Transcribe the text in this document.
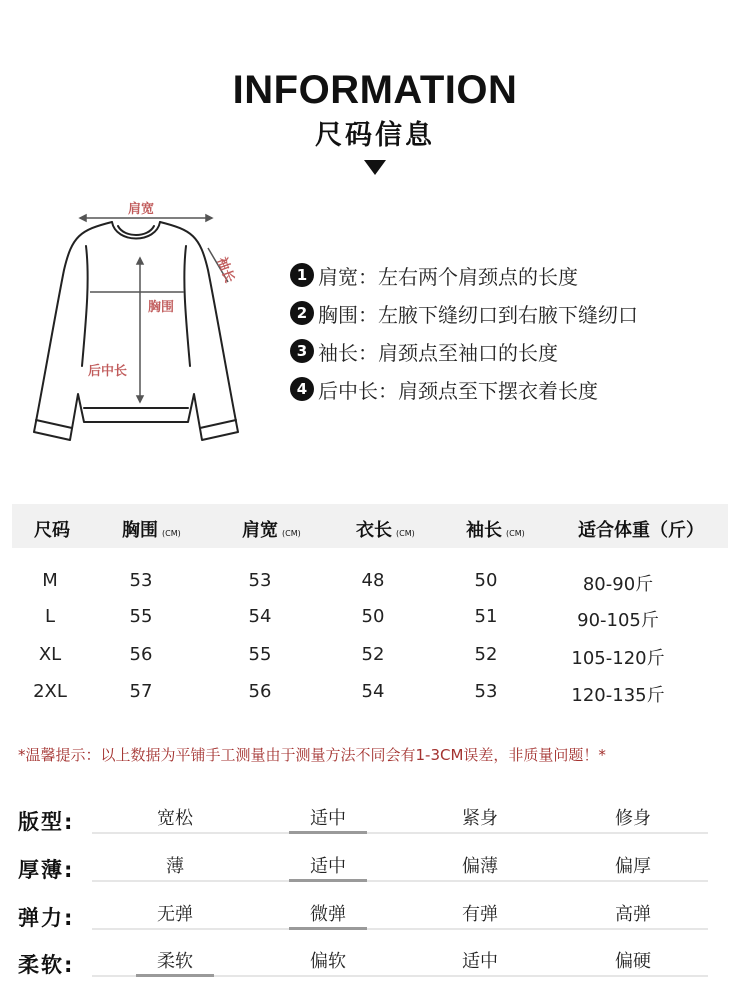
INFORMATION
尺码信息
肩宽
袖长
胸围
后中长
1 肩宽：左右两个肩颈点的长度
2 胸围：左腋下缝纫口到右腋下缝纫口
3 袖长：肩颈点至袖口的长度
4 后中长：肩颈点至下摆衣着长度
尺码	胸围 (CM)	肩宽 (CM)	衣长 (CM)	袖长 (CM)	适合体重（斤）
M	53	53	48	50	80-90斤
L	55	54	50	51	90-105斤
XL	56	55	52	52	105-120斤
2XL	57	56	54	53	120-135斤
*温馨提示：以上数据为平铺手工测量由于测量方法不同会有1-3CM误差，非质量问题！*
版型:	宽松	适中	紧身	修身
厚薄:	薄	适中	偏薄	偏厚
弹力:	无弹	微弹	有弹	高弹
柔软:	柔软	偏软	适中	偏硬
